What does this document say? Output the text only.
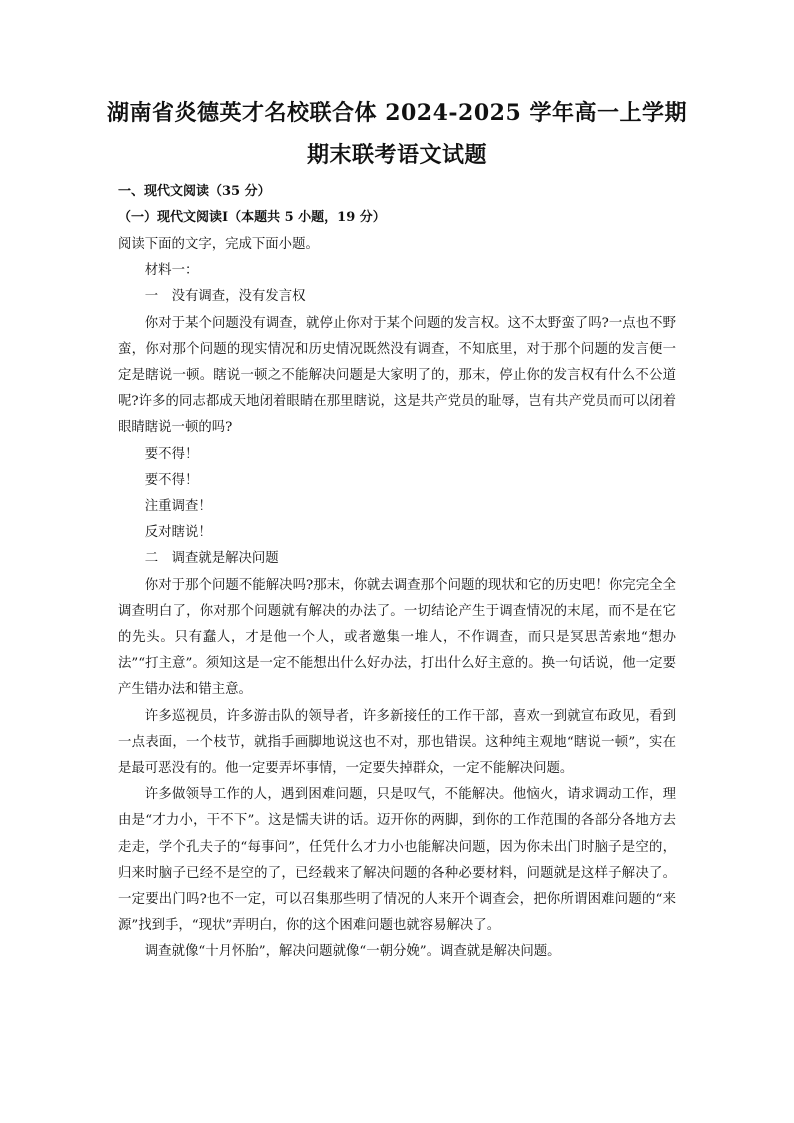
湖南省炎德英才名校联合体 2024-2025 学年高一上学期
期末联考语文试题
一、现代文阅读（35 分）
（一）现代文阅读Ⅰ（本题共 5 小题，19 分）

阅读下面的文字，完成下面小题。

材料一：

一　没有调查，没有发言权

你对于某个问题没有调查，就停止你对于某个问题的发言权。这不太野蛮了吗?一点也不野蛮，你对那个问题的现实情况和历史情况既然没有调查，不知底里，对于那个问题的发言便一定是瞎说一顿。瞎说一顿之不能解决问题是大家明了的，那末，停止你的发言权有什么不公道呢?许多的同志都成天地闭着眼睛在那里瞎说，这是共产党员的耻辱，岂有共产党员而可以闭着眼睛瞎说一顿的吗?

要不得！

要不得！

注重调查！

反对瞎说！

二　调查就是解决问题

你对于那个问题不能解决吗?那末，你就去调查那个问题的现状和它的历史吧！你完完全全调查明白了，你对那个问题就有解决的办法了。一切结论产生于调查情况的末尾，而不是在它的先头。只有蠢人，才是他一个人，或者邀集一堆人，不作调查，而只是冥思苦索地“想办法”“打主意”。须知这是一定不能想出什么好办法，打出什么好主意的。换一句话说，他一定要产生错办法和错主意。

许多巡视员，许多游击队的领导者，许多新接任的工作干部，喜欢一到就宣布政见，看到一点表面，一个枝节，就指手画脚地说这也不对，那也错误。这种纯主观地“瞎说一顿”，实在是最可恶没有的。他一定要弄坏事情，一定要失掉群众，一定不能解决问题。

许多做领导工作的人，遇到困难问题，只是叹气，不能解决。他恼火，请求调动工作，理由是“才力小，干不下”。这是懦夫讲的话。迈开你的两脚，到你的工作范围的各部分各地方去走走，学个孔夫子的“每事问”，任凭什么才力小也能解决问题，因为你未出门时脑子是空的，归来时脑子已经不是空的了，已经载来了解决问题的各种必要材料，问题就是这样子解决了。一定要出门吗?也不一定，可以召集那些明了情况的人来开个调查会，把你所谓困难问题的“来源”找到手，“现状”弄明白，你的这个困难问题也就容易解决了。

调查就像“十月怀胎”，解决问题就像“一朝分娩”。调查就是解决问题。
